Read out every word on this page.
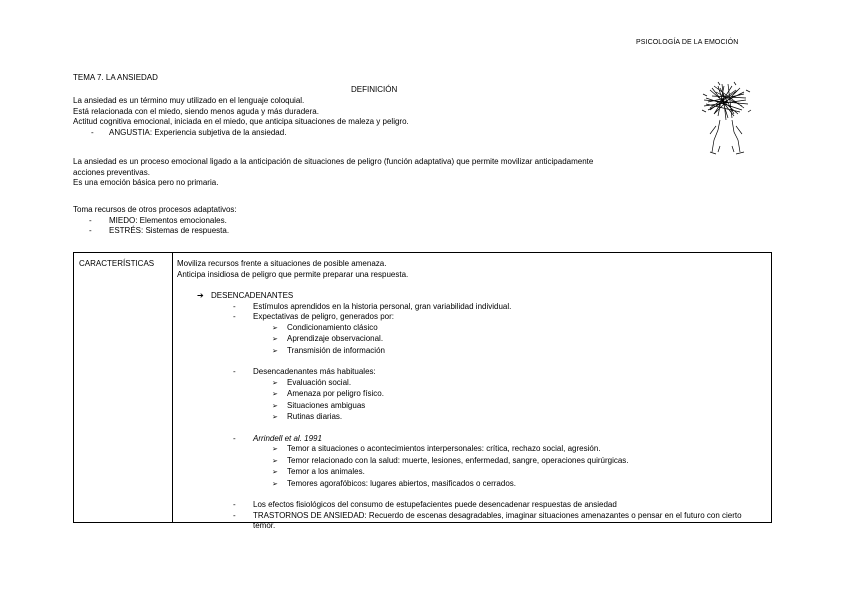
PSICOLOGÍA DE LA EMOCIÓN
TEMA 7. LA ANSIEDAD
DEFINICIÓN
La ansiedad es un término muy utilizado en el lenguaje coloquial.
Está relacionada con el miedo, siendo menos aguda y más duradera.
Actitud cognitiva emocional, iniciada en el miedo, que anticipa situaciones de maleza y peligro.
- ANGUSTIA: Experiencia subjetiva de la ansiedad.
La ansiedad es un proceso emocional ligado a la anticipación de situaciones de peligro (función adaptativa) que permite movilizar anticipadamente
acciones preventivas.
Es una emoción básica pero no primaria.
Toma recursos de otros procesos adaptativos:
- MIEDO: Elementos emocionales.
- ESTRÉS: Sistemas de respuesta.
CARACTERÍSTICAS	Moviliza recursos frente a situaciones de posible amenaza.
Anticipa insidiosa de peligro que permite preparar una respuesta.
➔ DESENCADENANTES
- Estímulos aprendidos en la historia personal, gran variabilidad individual.
- Expectativas de peligro, generados por:
➢ Condicionamiento clásico
➢ Aprendizaje observacional.
➢ Transmisión de información
- Desencadenantes más habituales:
➢ Evaluación social.
➢ Amenaza por peligro físico.
➢ Situaciones ambiguas
➢ Rutinas diarias.
- Arrindell et al. 1991
➢ Temor a situaciones o acontecimientos interpersonales: crítica, rechazo social, agresión.
➢ Temor relacionado con la salud: muerte, lesiones, enfermedad, sangre, operaciones quirúrgicas.
➢ Temor a los animales.
➢ Temores agorafóbicos: lugares abiertos, masificados o cerrados.
- Los efectos fisiológicos del consumo de estupefacientes puede desencadenar respuestas de ansiedad
- TRASTORNOS DE ANSIEDAD: Recuerdo de escenas desagradables, imaginar situaciones amenazantes o pensar en el futuro con cierto temor.
